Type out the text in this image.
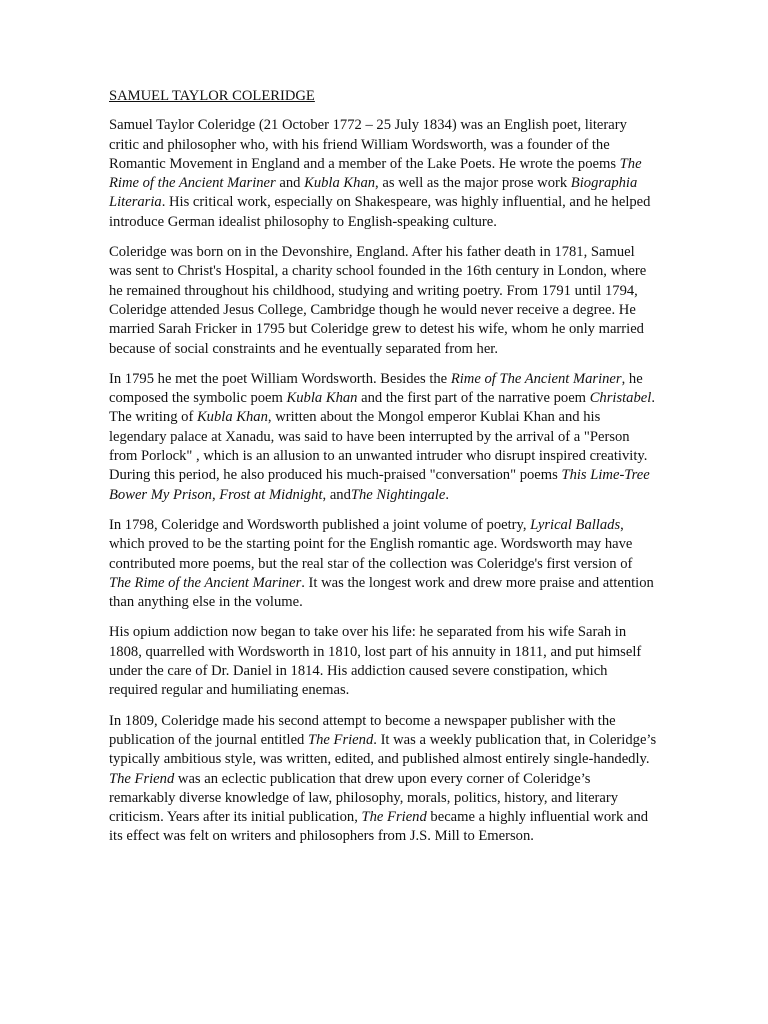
SAMUEL TAYLOR COLERIDGE

Samuel Taylor Coleridge (21 October 1772 – 25 July 1834) was an English poet, literary critic and philosopher who, with his friend William Wordsworth, was a founder of the Romantic Movement in England and a member of the Lake Poets. He wrote the poems The Rime of the Ancient Mariner and Kubla Khan, as well as the major prose work Biographia Literaria. His critical work, especially on Shakespeare, was highly influential, and he helped introduce German idealist philosophy to English-speaking culture.

Coleridge was born on in the Devonshire, England. After his father death in 1781, Samuel was sent to Christ's Hospital, a charity school founded in the 16th century in London, where he remained throughout his childhood, studying and writing poetry. From 1791 until 1794, Coleridge attended Jesus College, Cambridge though he would never receive a degree. He married Sarah Fricker in 1795 but Coleridge grew to detest his wife, whom he only married because of social constraints and he eventually separated from her.

In 1795 he met the poet William Wordsworth. Besides the Rime of The Ancient Mariner, he composed the symbolic poem Kubla Khan and the first part of the narrative poem Christabel. The writing of Kubla Khan, written about the Mongol emperor Kublai Khan and his legendary palace at Xanadu, was said to have been interrupted by the arrival of a "Person from Porlock" , which is an allusion to an unwanted intruder who disrupt inspired creativity. During this period, he also produced his much-praised "conversation" poems This Lime-Tree Bower My Prison, Frost at Midnight, andThe Nightingale.

In 1798, Coleridge and Wordsworth published a joint volume of poetry, Lyrical Ballads, which proved to be the starting point for the English romantic age. Wordsworth may have contributed more poems, but the real star of the collection was Coleridge's first version of The Rime of the Ancient Mariner. It was the longest work and drew more praise and attention than anything else in the volume.

His opium addiction now began to take over his life: he separated from his wife Sarah in 1808, quarrelled with Wordsworth in 1810, lost part of his annuity in 1811, and put himself under the care of Dr. Daniel in 1814. His addiction caused severe constipation, which required regular and humiliating enemas.

In 1809, Coleridge made his second attempt to become a newspaper publisher with the publication of the journal entitled The Friend. It was a weekly publication that, in Coleridge’s typically ambitious style, was written, edited, and published almost entirely single-handedly. The Friend was an eclectic publication that drew upon every corner of Coleridge’s remarkably diverse knowledge of law, philosophy, morals, politics, history, and literary criticism. Years after its initial publication, The Friend became a highly influential work and its effect was felt on writers and philosophers from J.S. Mill to Emerson.
